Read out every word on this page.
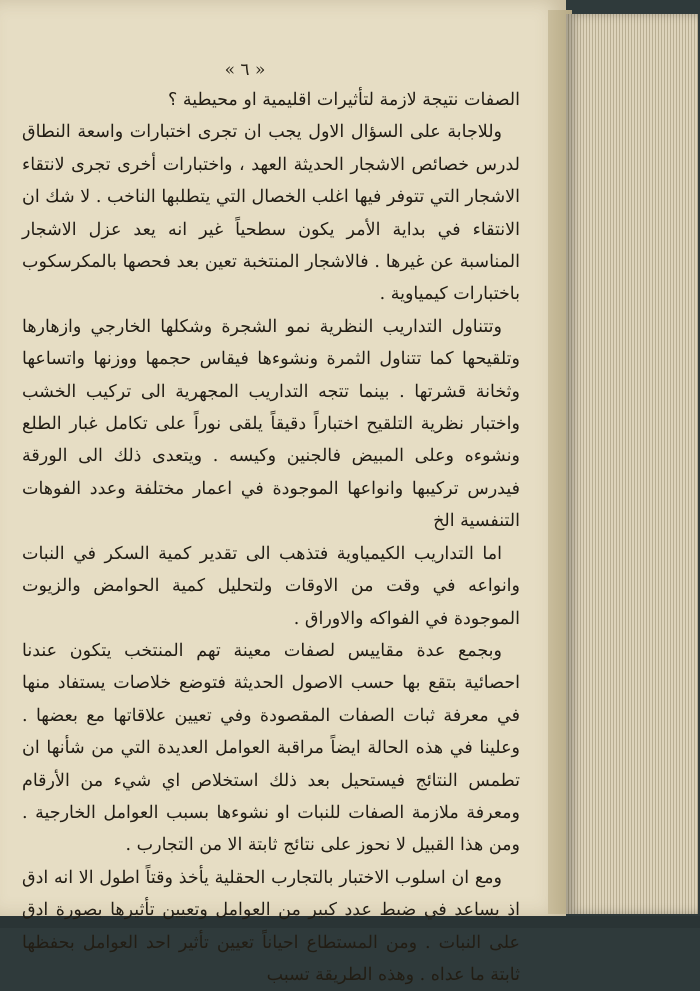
« ٦ »

الصفات نتيجة لازمة لتأثيرات اقليمية او محيطية ؟

وللاجابة على السؤال الاول يجب ان تجرى اختبارات واسعة النطاق لدرس خصائص الاشجار الحديثة العهد ، واختبارات أخرى تجرى لانتقاء الاشجار التي تتوفر فيها اغلب الخصال التي يتطلبها الناخب . لا شك ان الانتقاء في بداية الأمر يكون سطحياً غير انه يعد عزل الاشجار المناسبة عن غيرها . فالاشجار المنتخبة تعين بعد فحصها بالمكرسكوب باختبارات كيمياوية .

وتتناول التداريب النظرية نمو الشجرة وشكلها الخارجي وازهارها وتلقيحها كما تتناول الثمرة ونشوءها فيقاس حجمها ووزنها واتساعها وثخانة قشرتها . بينما تتجه التداريب المجهرية الى تركيب الخشب واختبار نظرية التلقيح اختباراً دقيقاً يلقى نوراً على تكامل غبار الطلع ونشوءه وعلى المبيض فالجنين وكيسه . ويتعدى ذلك الى الورقة فيدرس تركيبها وانواعها الموجودة في اعمار مختلفة وعدد الفوهات التنفسية الخ

اما التداريب الكيمياوية فتذهب الى تقدير كمية السكر في النبات وانواعه في وقت من الاوقات ولتحليل كمية الحوامض والزيوت الموجودة في الفواكه والاوراق .

وبجمع عدة مقاييس لصفات معينة تهم المنتخب يتكون عندنا احصائية بتقع بها حسب الاصول الحديثة فتوضع خلاصات يستفاد منها في معرفة ثبات الصفات المقصودة وفي تعيين علاقاتها مع بعضها . وعلينا في هذه الحالة ايضاً مراقبة العوامل العديدة التي من شأنها ان تطمس النتائج فيستحيل بعد ذلك استخلاص اي شيء من الأرقام ومعرفة ملازمة الصفات للنبات او نشوءها بسبب العوامل الخارجية . ومن هذا القبيل لا نحوز على نتائج ثابتة الا من التجارب .

ومع ان اسلوب الاختبار بالتجارب الحقلية يأخذ وقتاً اطول الا انه ادق اذ يساعد في ضبط عدد كبير من العوامل وتعيين تأثيرها بصورة ادق على النبات . ومن المستطاع احياناً تعيين تأثير احد العوامل بحفظها ثابتة ما عداه . وهذه الطريقة تسبب
